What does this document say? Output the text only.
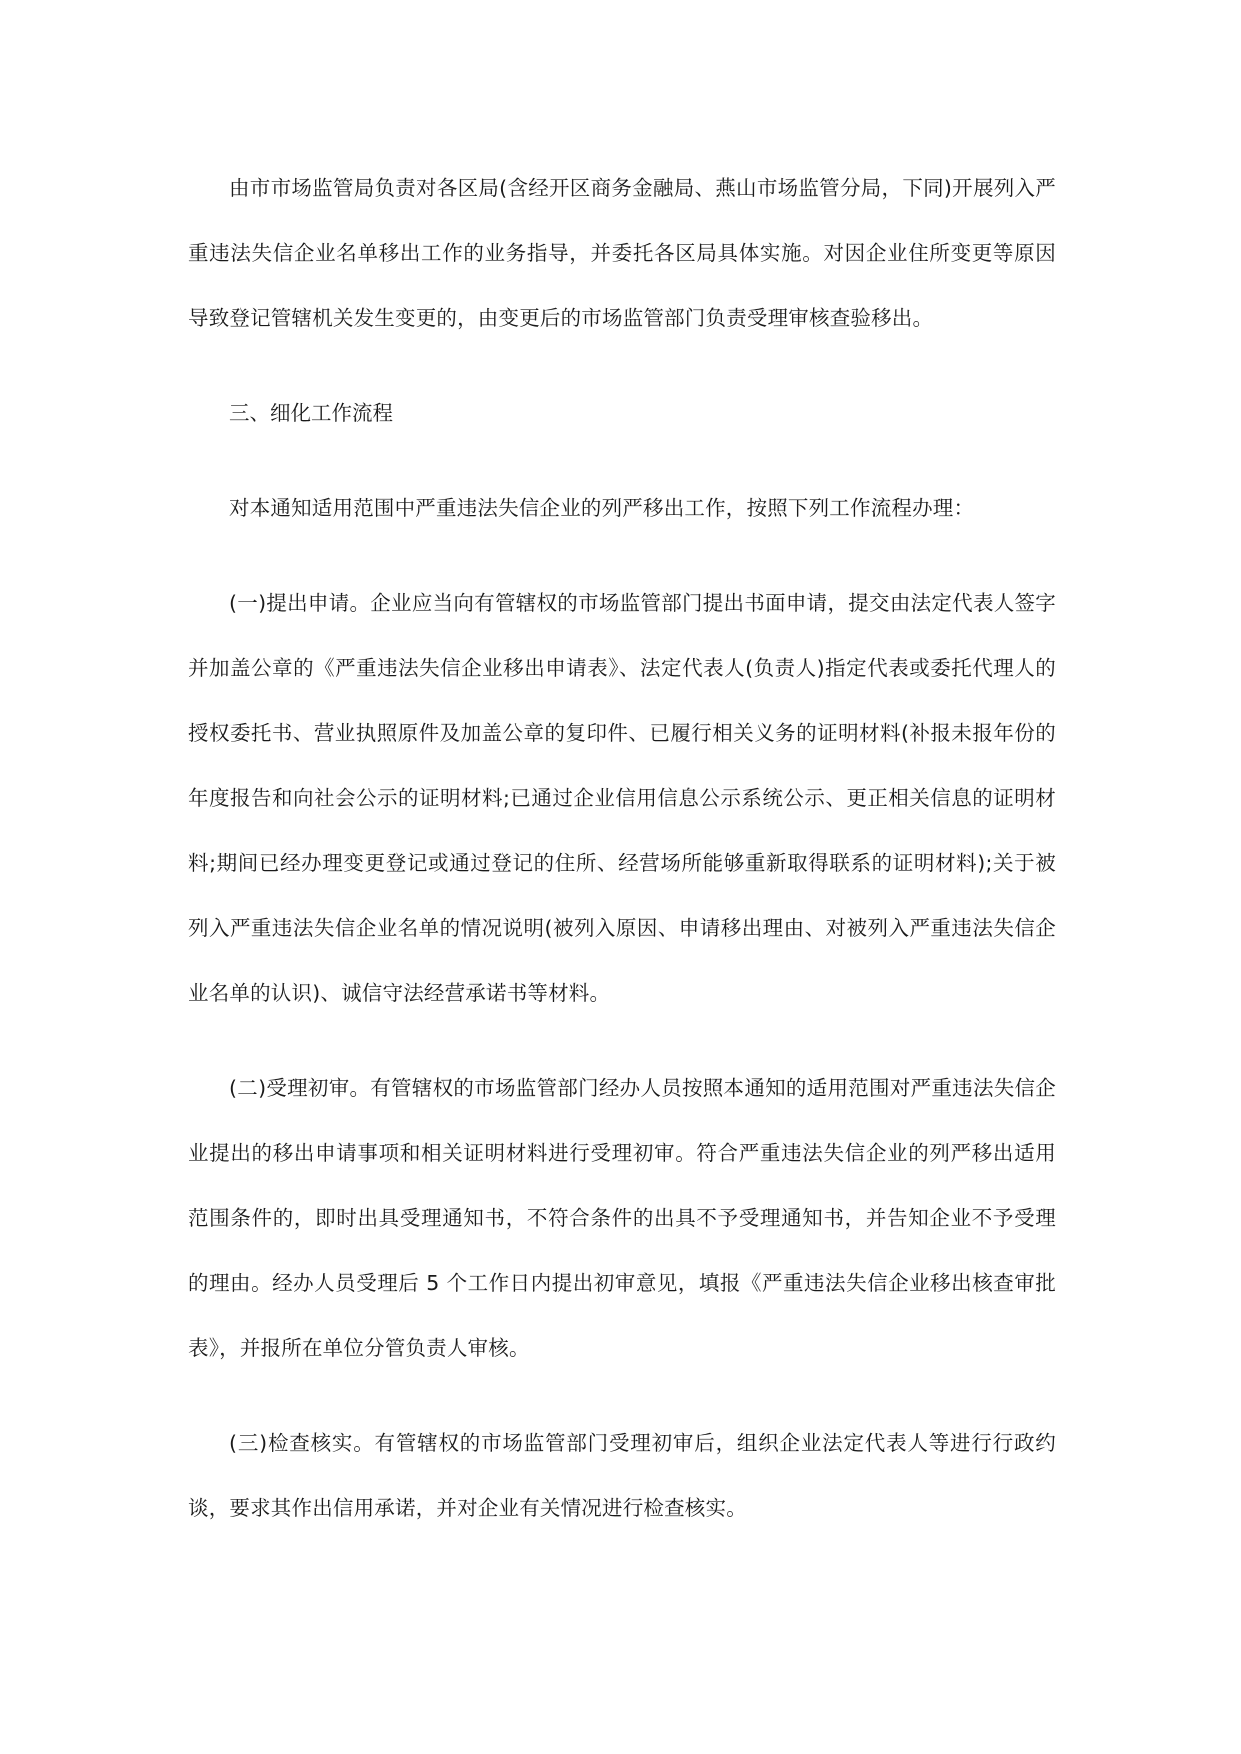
由市市场监管局负责对各区局(含经开区商务金融局、燕山市场监管分局，下同)开展列入严重违法失信企业名单移出工作的业务指导，并委托各区局具体实施。对因企业住所变更等原因导致登记管辖机关发生变更的，由变更后的市场监管部门负责受理审核查验移出。

三、细化工作流程

对本通知适用范围中严重违法失信企业的列严移出工作，按照下列工作流程办理：

(一)提出申请。企业应当向有管辖权的市场监管部门提出书面申请，提交由法定代表人签字并加盖公章的《严重违法失信企业移出申请表》、法定代表人(负责人)指定代表或委托代理人的授权委托书、营业执照原件及加盖公章的复印件、已履行相关义务的证明材料(补报未报年份的年度报告和向社会公示的证明材料;已通过企业信用信息公示系统公示、更正相关信息的证明材料;期间已经办理变更登记或通过登记的住所、经营场所能够重新取得联系的证明材料);关于被列入严重违法失信企业名单的情况说明(被列入原因、申请移出理由、对被列入严重违法失信企业名单的认识)、诚信守法经营承诺书等材料。

(二)受理初审。有管辖权的市场监管部门经办人员按照本通知的适用范围对严重违法失信企业提出的移出申请事项和相关证明材料进行受理初审。符合严重违法失信企业的列严移出适用范围条件的，即时出具受理通知书，不符合条件的出具不予受理通知书，并告知企业不予受理的理由。经办人员受理后 5 个工作日内提出初审意见，填报《严重违法失信企业移出核查审批表》，并报所在单位分管负责人审核。

(三)检查核实。有管辖权的市场监管部门受理初审后，组织企业法定代表人等进行行政约谈，要求其作出信用承诺，并对企业有关情况进行检查核实。
